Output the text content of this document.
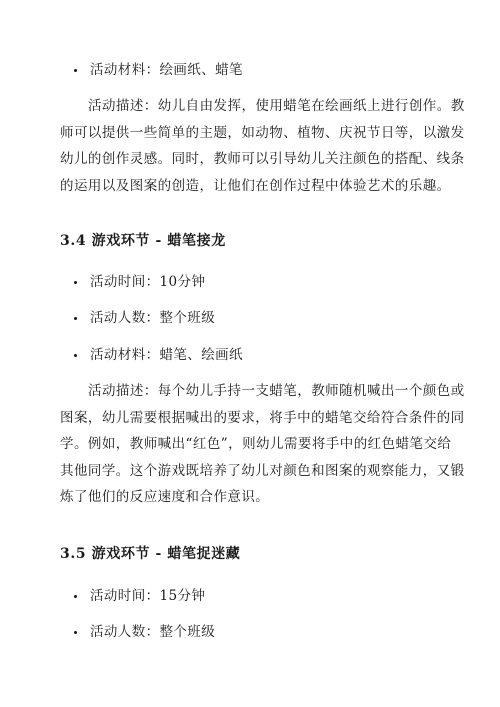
活动材料：绘画纸、蜡笔
活动描述：幼儿自由发挥，使用蜡笔在绘画纸上进行创作。教
师可以提供一些简单的主题，如动物、植物、庆祝节日等，以激发
幼儿的创作灵感。同时，教师可以引导幼儿关注颜色的搭配、线条
的运用以及图案的创造，让他们在创作过程中体验艺术的乐趣。
3.4 游戏环节 - 蜡笔接龙
活动时间：10分钟
活动人数：整个班级
活动材料：蜡笔、绘画纸
活动描述：每个幼儿手持一支蜡笔，教师随机喊出一个颜色或
图案，幼儿需要根据喊出的要求，将手中的蜡笔交给符合条件的同
学。例如，教师喊出“红色”，则幼儿需要将手中的红色蜡笔交给
其他同学。这个游戏既培养了幼儿对颜色和图案的观察能力，又锻
炼了他们的反应速度和合作意识。
3.5 游戏环节 - 蜡笔捉迷藏
活动时间：15分钟
活动人数：整个班级
